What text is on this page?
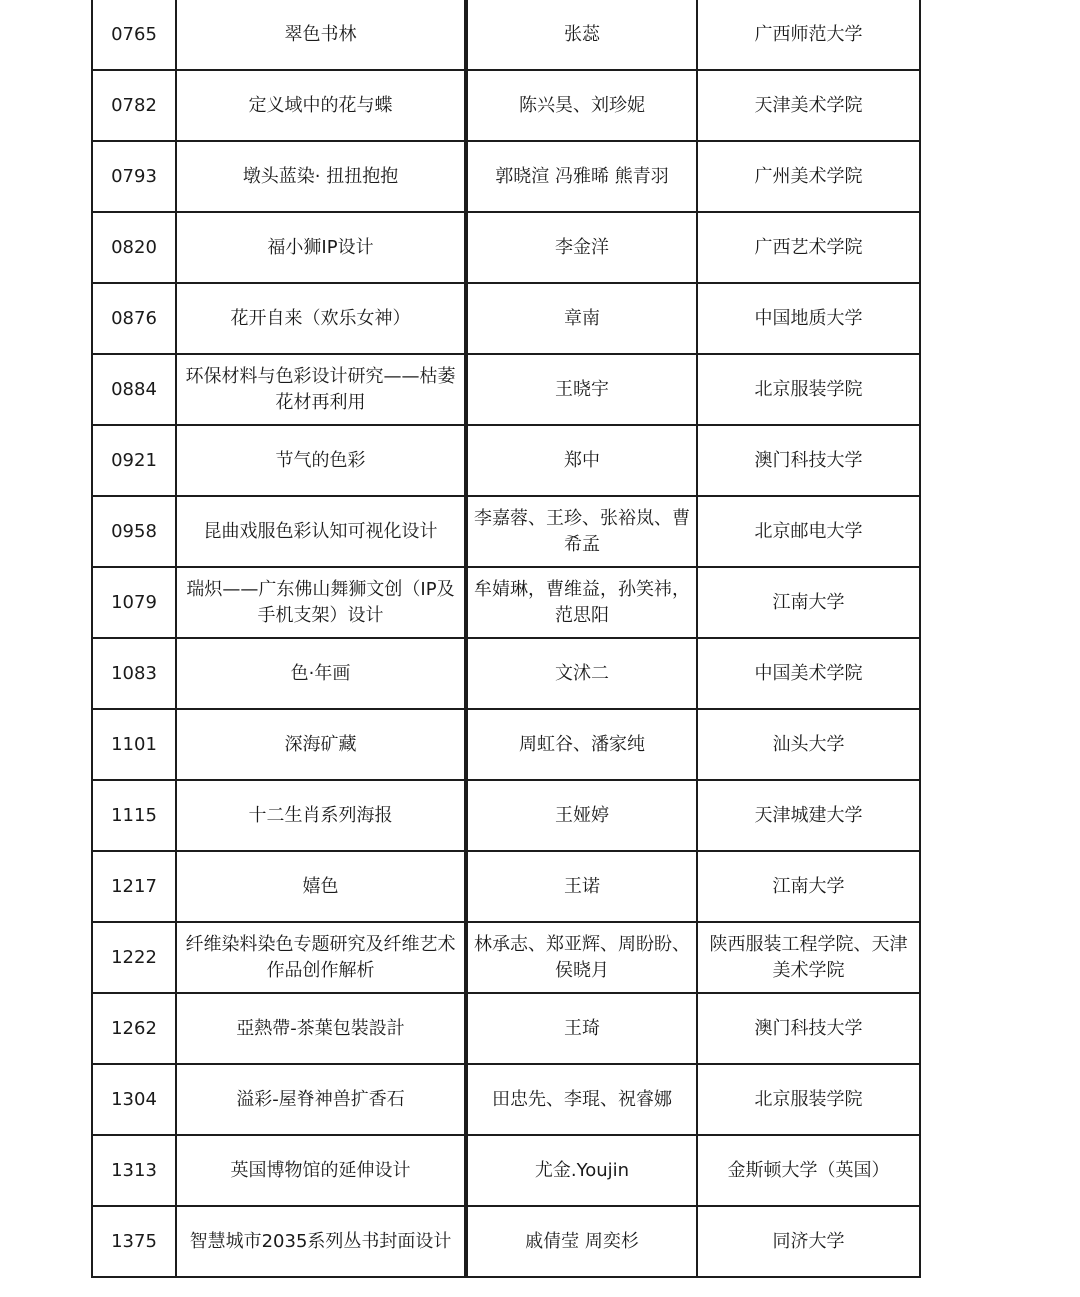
0765	翠色书林	张蕊	广西师范大学
0782	定义域中的花与蝶	陈兴昊、刘珍妮	天津美术学院
0793	墩头蓝染· 扭扭抱抱	郭晓渲 冯雅晞 熊青羽	广州美术学院
0820	福小狮IP设计	李金洋	广西艺术学院
0876	花开自来（欢乐女神）	章南	中国地质大学
0884	环保材料与色彩设计研究——枯萎花材再利用	王晓宇	北京服装学院
0921	节气的色彩	郑中	澳门科技大学
0958	昆曲戏服色彩认知可视化设计	李嘉蓉、王珍、张裕岚、曹希孟	北京邮电大学
1079	瑞炽——广东佛山舞狮文创（IP及手机支架）设计	牟婧琳，曹维益，孙笑祎，范思阳	江南大学
1083	色·年画	文沭二	中国美术学院
1101	深海矿藏	周虹谷、潘家纯	汕头大学
1115	十二生肖系列海报	王娅婷	天津城建大学
1217	嬉色	王诺	江南大学
1222	纤维染料染色专题研究及纤维艺术作品创作解析	林承志、郑亚辉、周盼盼、侯晓月	陕西服装工程学院、天津美术学院
1262	亞熱帶-茶葉包裝設計	王琦	澳门科技大学
1304	溢彩-屋脊神兽扩香石	田忠先、李琨、祝睿娜	北京服装学院
1313	英国博物馆的延伸设计	尤金.Youjin	金斯顿大学（英国）
1375	智慧城市2035系列丛书封面设计	戚倩莹 周奕杉	同济大学
